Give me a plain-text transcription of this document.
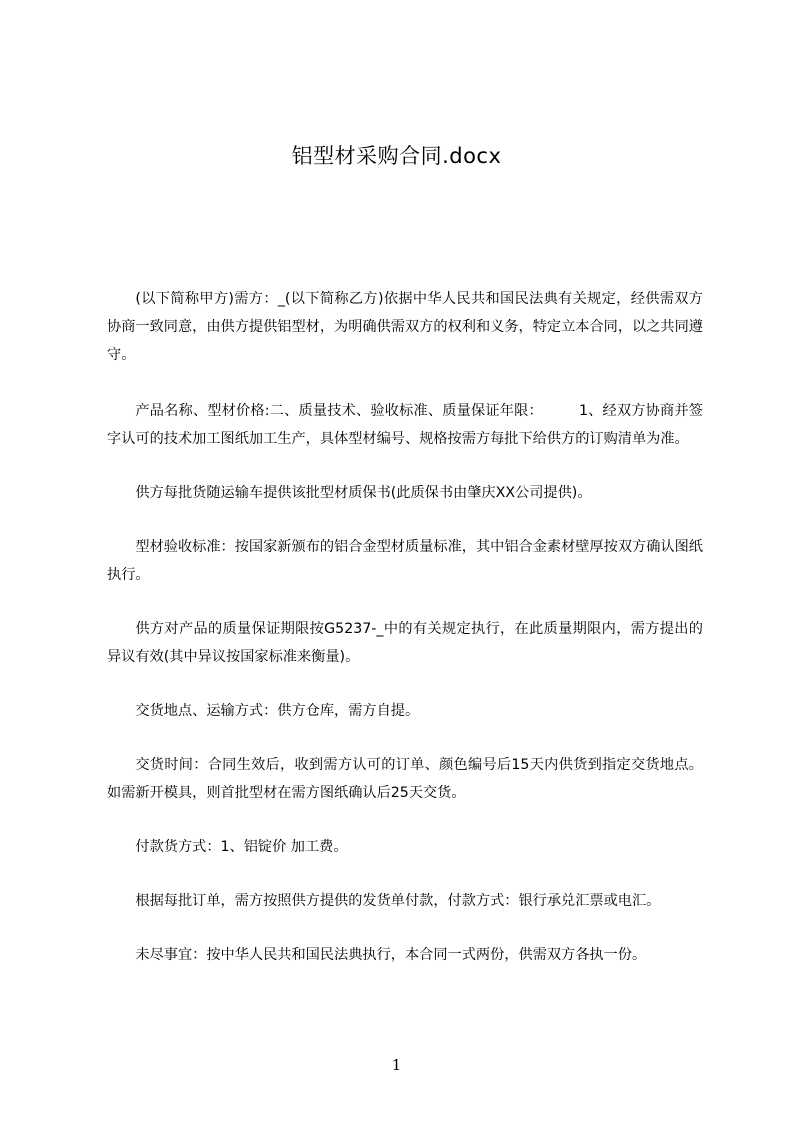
铝型材采购合同.docx

(以下简称甲方)需方：_(以下简称乙方)依据中华人民共和国民法典有关规定，经供需双方协商一致同意，由供方提供铝型材，为明确供需双方的权利和义务，特定立本合同，以之共同遵守。

产品名称、型材价格:二、质量技术、验收标准、质量保证年限：　　　1、经双方协商并签字认可的技术加工图纸加工生产，具体型材编号、规格按需方每批下给供方的订购清单为准。

供方每批货随运输车提供该批型材质保书(此质保书由肇庆XX公司提供)。

型材验收标准：按国家新颁布的铝合金型材质量标准，其中铝合金素材壁厚按双方确认图纸执行。

供方对产品的质量保证期限按G5237-_中的有关规定执行，在此质量期限内，需方提出的异议有效(其中异议按国家标准来衡量)。

交货地点、运输方式：供方仓库，需方自提。

交货时间：合同生效后，收到需方认可的订单、颜色编号后15天内供货到指定交货地点。如需新开模具，则首批型材在需方图纸确认后25天交货。

付款货方式：1、铝锭价 加工费。

根据每批订单，需方按照供方提供的发货单付款，付款方式：银行承兑汇票或电汇。

未尽事宜：按中华人民共和国民法典执行，本合同一式两份，供需双方各执一份。

1
